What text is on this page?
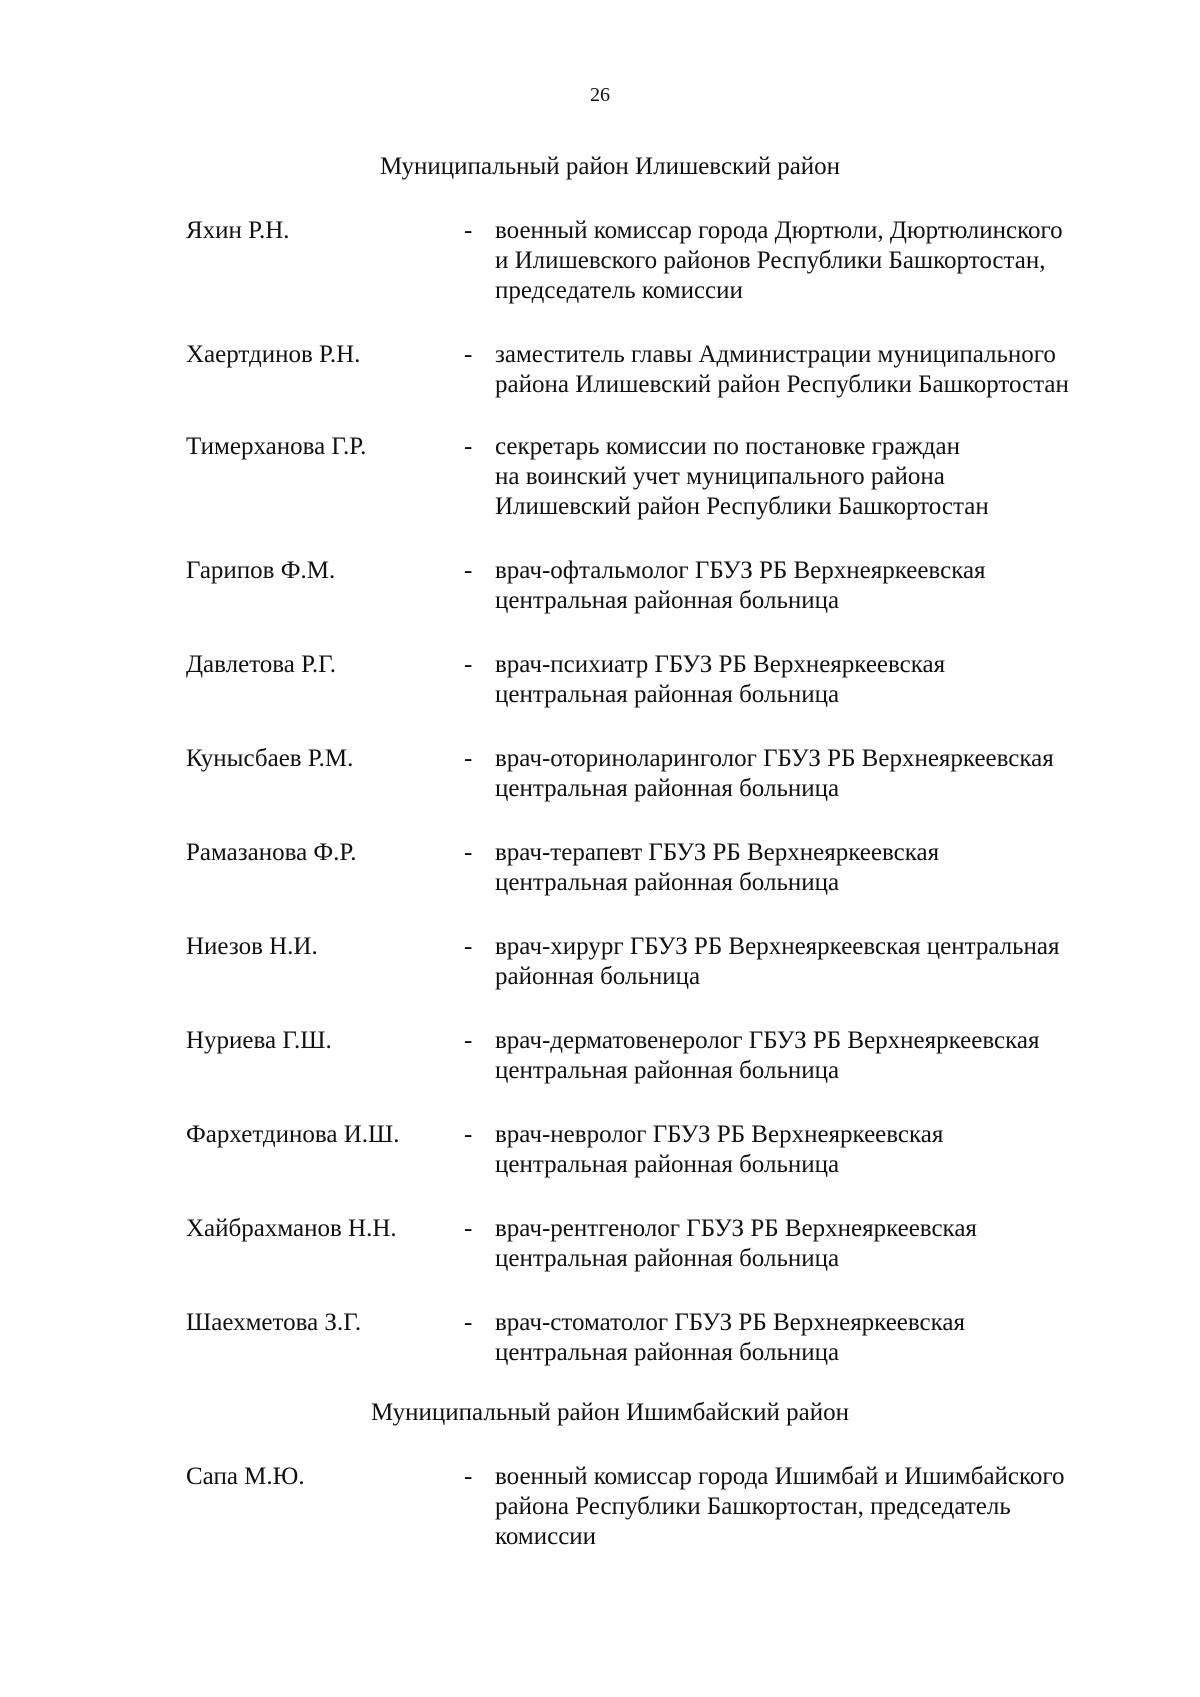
26
Муниципальный район Илишевский район
Яхин Р.Н.	- военный комиссар города Дюртюли, Дюртюлинского
и Илишевского районов Республики Башкортостан,
председатель комиссии
Хаертдинов Р.Н.	- заместитель главы Администрации муниципального
района Илишевский район Республики Башкортостан
Тимерханова Г.Р.	- секретарь комиссии по постановке граждан
на воинский учет муниципального района
Илишевский район Республики Башкортостан
Гарипов Ф.М.	- врач-офтальмолог ГБУЗ РБ Верхнеяркеевская
центральная районная больница
Давлетова Р.Г.	- врач-психиатр ГБУЗ РБ Верхнеяркеевская
центральная районная больница
Кунысбаев Р.М.	- врач-оториноларинголог ГБУЗ РБ Верхнеяркеевская
центральная районная больница
Рамазанова Ф.Р.	- врач-терапевт ГБУЗ РБ Верхнеяркеевская
центральная районная больница
Ниезов Н.И.	- врач-хирург ГБУЗ РБ Верхнеяркеевская центральная
районная больница
Нуриева Г.Ш.	- врач-дерматовенеролог ГБУЗ РБ Верхнеяркеевская
центральная районная больница
Фархетдинова И.Ш.	- врач-невролог ГБУЗ РБ Верхнеяркеевская
центральная районная больница
Хайбрахманов Н.Н.	- врач-рентгенолог ГБУЗ РБ Верхнеяркеевская
центральная районная больница
Шаехметова З.Г.	- врач-стоматолог ГБУЗ РБ Верхнеяркеевская
центральная районная больница
Муниципальный район Ишимбайский район
Сапа М.Ю.	- военный комиссар города Ишимбай и Ишимбайского
района Республики Башкортостан, председатель
комиссии
